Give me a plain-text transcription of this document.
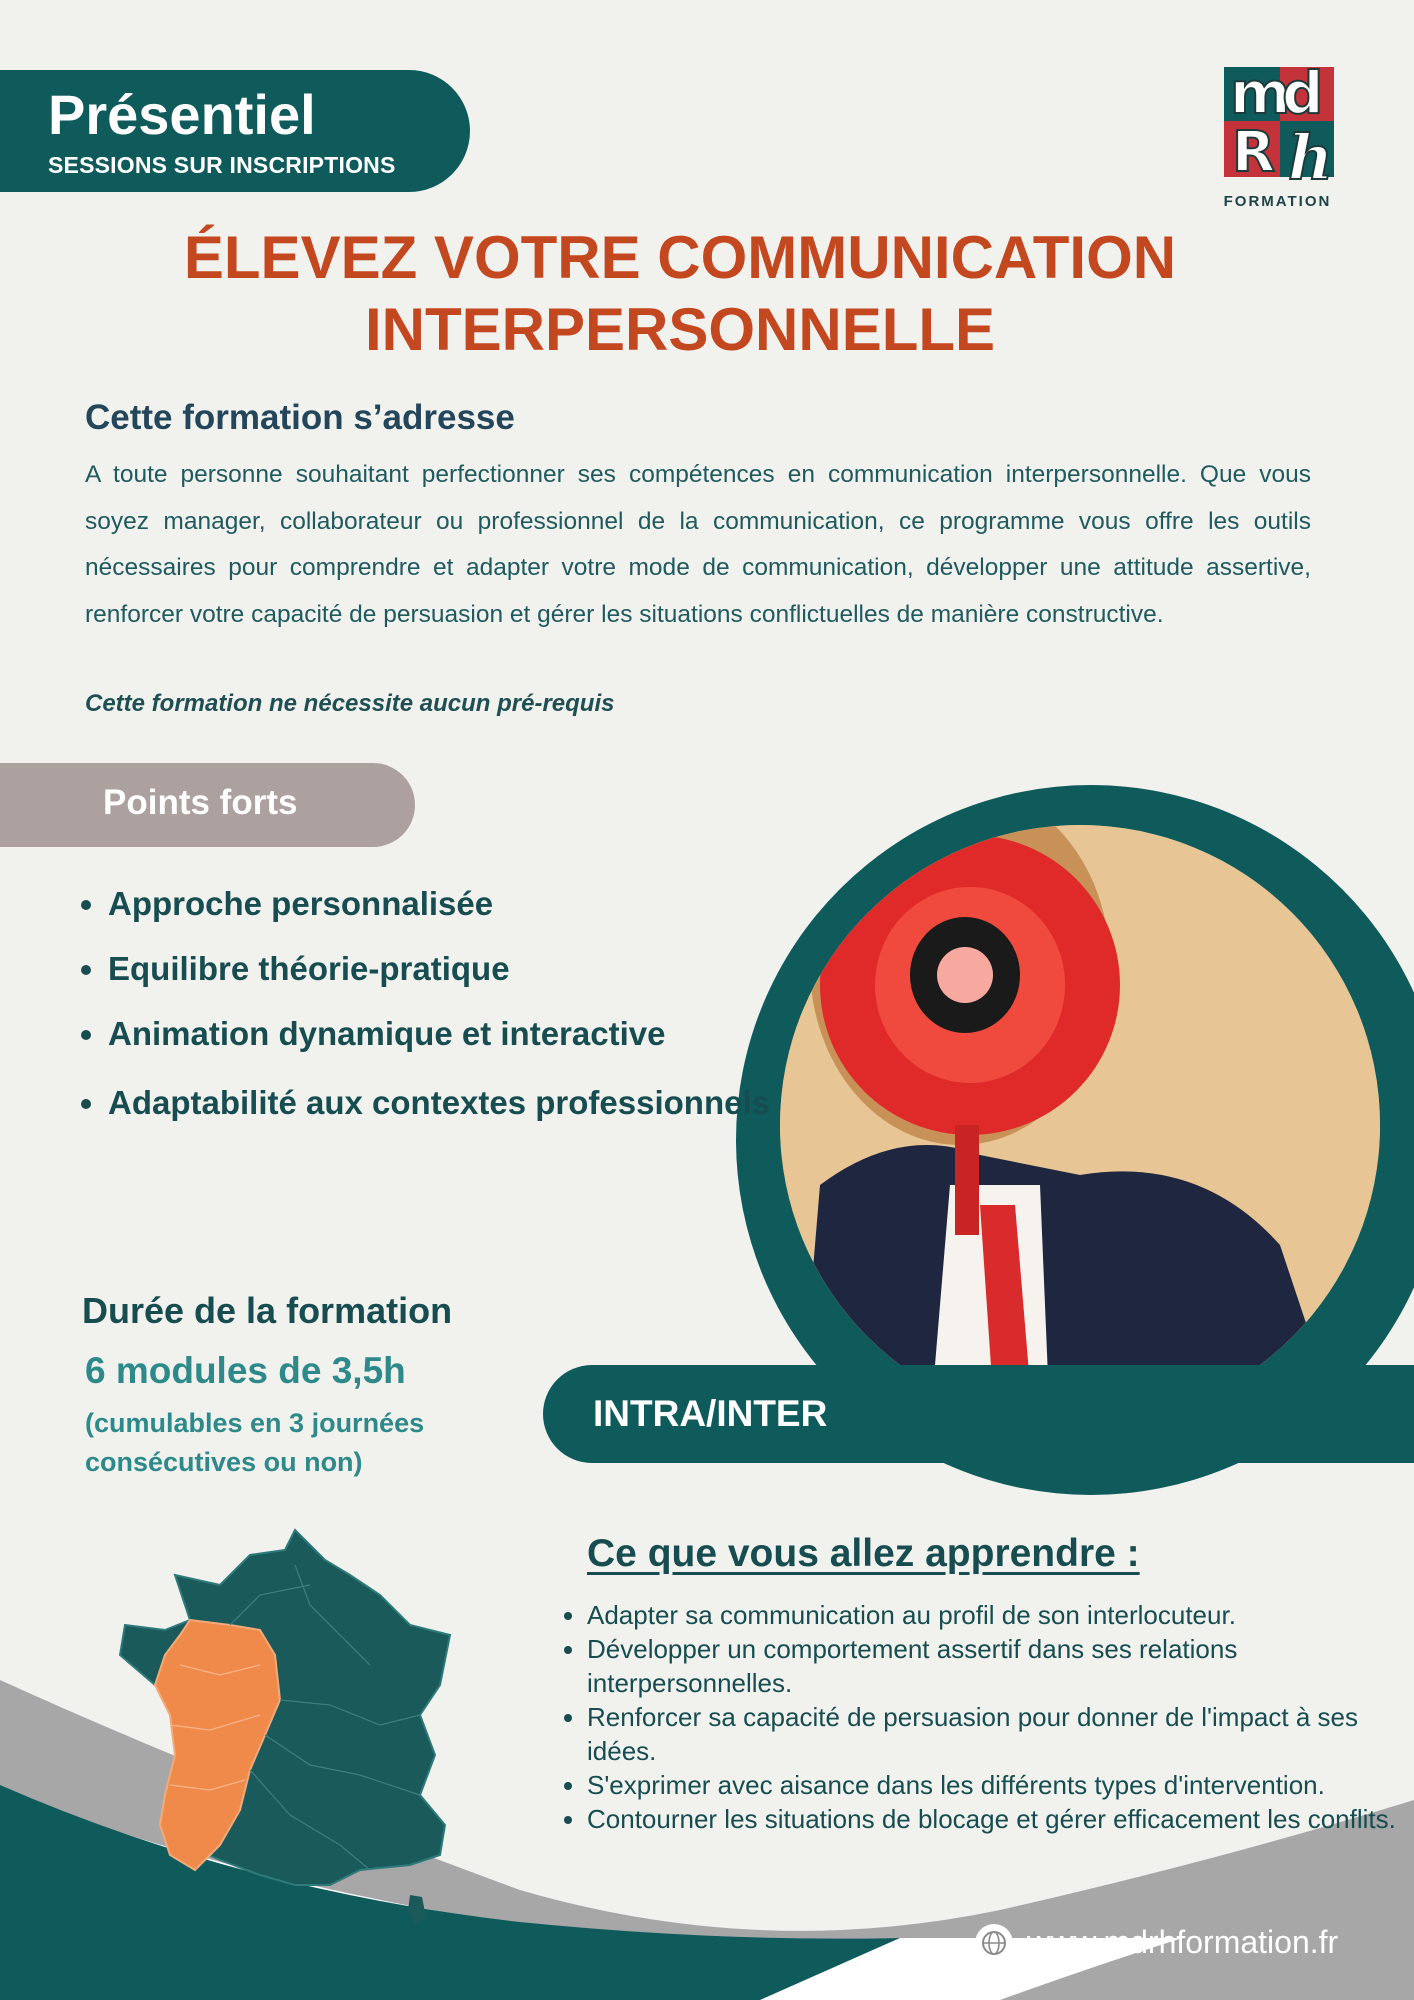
Présentiel
SESSIONS SUR INSCRIPTIONS
m
d
R h
FORMATION
ÉLEVEZ VOTRE COMMUNICATION
INTERPERSONNELLE
Cette formation s’adresse
A toute personne souhaitant perfectionner ses compétences en communication interpersonnelle. Que vous soyez manager, collaborateur ou professionnel de la communication, ce programme vous offre les outils nécessaires pour comprendre et adapter votre mode de communication, développer une attitude assertive, renforcer votre capacité de persuasion et gérer les situations conflictuelles de manière constructive.
Cette formation ne nécessite aucun pré-requis
INTRA/INTER
Points forts
• Approche personnalisée
• Equilibre théorie-pratique
• Animation dynamique et interactive
• Adaptabilité aux contextes professionnels
Durée de la formation
6 modules de 3,5h
(cumulables en 3 journées consécutives ou non)
Ce que vous allez apprendre :
• Adapter sa communication au profil de son interlocuteur.
• Développer un comportement assertif dans ses relations interpersonnelles.
• Renforcer sa capacité de persuasion pour donner de l'impact à ses idées.
• S'exprimer avec aisance dans les différents types d'intervention.
• Contourner les situations de blocage et gérer efficacement les conflits.
www.mdrhformation.fr
